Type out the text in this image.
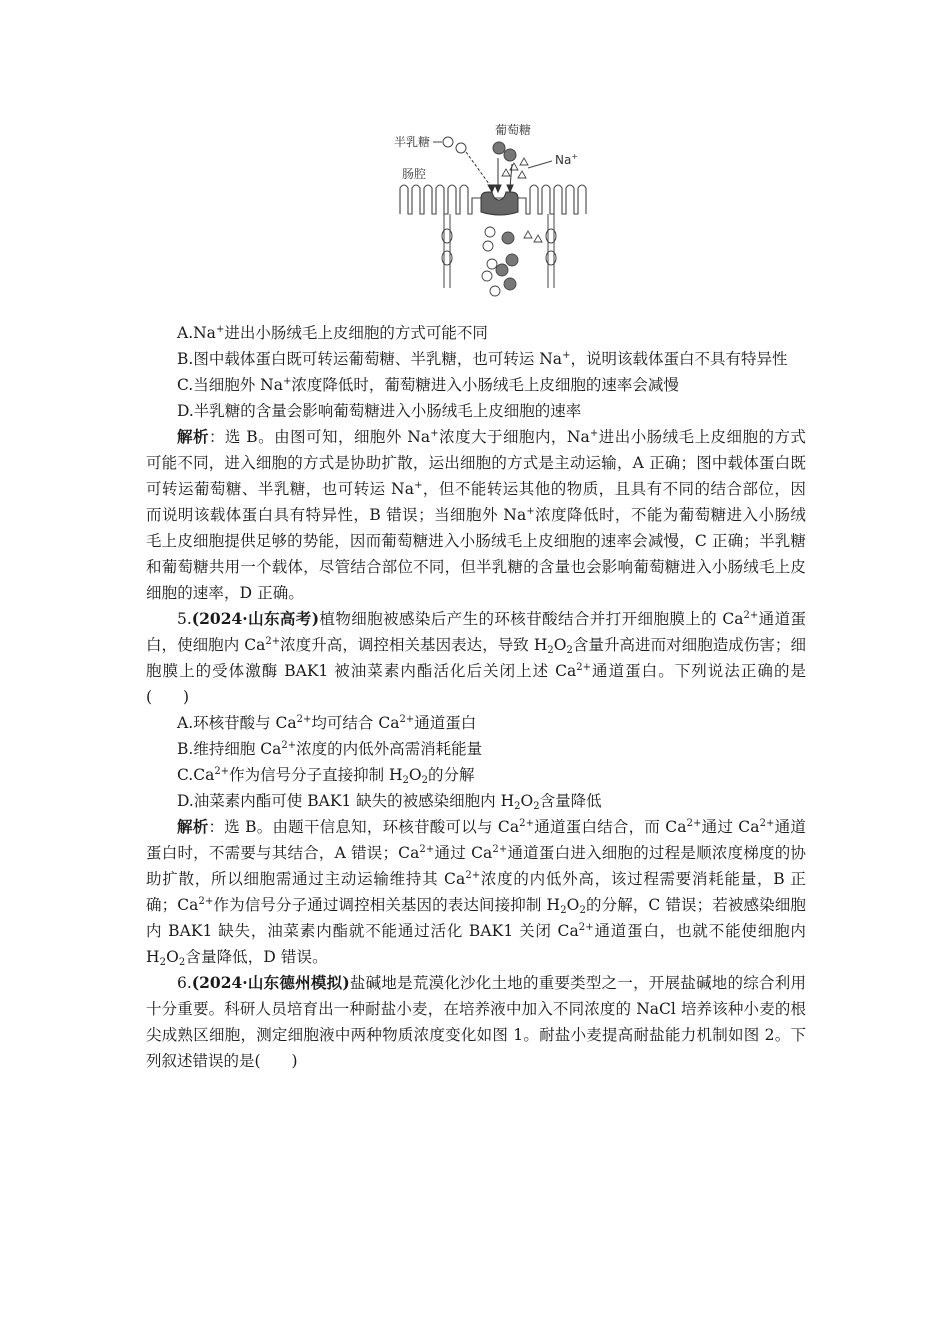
半乳糖
葡萄糖
肠腔
Na+

A.Na+进出小肠绒毛上皮细胞的方式可能不同

B.图中载体蛋白既可转运葡萄糖、半乳糖，也可转运 Na+，说明该载体蛋白不具有特异性

C.当细胞外 Na+浓度降低时，葡萄糖进入小肠绒毛上皮细胞的速率会减慢

D.半乳糖的含量会影响葡萄糖进入小肠绒毛上皮细胞的速率

解析：选 B。由图可知，细胞外 Na+浓度大于细胞内，Na+进出小肠绒毛上皮细胞的方式可能不同，进入细胞的方式是协助扩散，运出细胞的方式是主动运输，A 正确；图中载体蛋白既可转运葡萄糖、半乳糖，也可转运 Na+，但不能转运其他的物质，且具有不同的结合部位，因而说明该载体蛋白具有特异性，B 错误；当细胞外 Na+浓度降低时，不能为葡萄糖进入小肠绒毛上皮细胞提供足够的势能，因而葡萄糖进入小肠绒毛上皮细胞的速率会减慢，C 正确；半乳糖和葡萄糖共用一个载体，尽管结合部位不同，但半乳糖的含量也会影响葡萄糖进入小肠绒毛上皮细胞的速率，D 正确。

5.(2024·山东高考)植物细胞被感染后产生的环核苷酸结合并打开细胞膜上的 $Ca^{2+}$通道蛋白，使细胞内 $Ca^{2+}$浓度升高，调控相关基因表达，导致 $H_2O_2$含量升高进而对细胞造成伤害；细胞膜上的受体激酶 BAK1 被油菜素内酯活化后关闭上述 $Ca^{2+}$通道蛋白。下列说法正确的是(　　)

A.环核苷酸与 $Ca^{2+}$均可结合 $Ca^{2+}$通道蛋白

B.维持细胞 $Ca^{2+}$浓度的内低外高需消耗能量

$C.Ca^{2+}$作为信号分子直接抑制 $H_2O_2$的分解

D.油菜素内酯可使 BAK1 缺失的被感染细胞内 $H_2O_2$含量降低

解析：选 B。由题干信息知，环核苷酸可以与 $Ca^{2+}$通道蛋白结合，而 $Ca^{2+}$通过 $Ca^{2+}$通道蛋白时，不需要与其结合，A 错误；$Ca^{2+}$通过 $Ca^{2+}$通道蛋白进入细胞的过程是顺浓度梯度的协助扩散，所以细胞需通过主动运输维持其 $Ca^{2+}$浓度的内低外高，该过程需要消耗能量，B 正确；$Ca^{2+}$作为信号分子通过调控相关基因的表达间接抑制 $H_2O_2$的分解，C 错误；若被感染细胞内 BAK1 缺失，油菜素内酯就不能通过活化 BAK1 关闭 $Ca^{2+}$通道蛋白，也就不能使细胞内 $H_2O_2$含量降低，D 错误。

6.(2024·山东德州模拟)盐碱地是荒漠化沙化土地的重要类型之一，开展盐碱地的综合利用十分重要。科研人员培育出一种耐盐小麦，在培养液中加入不同浓度的 NaCl 培养该种小麦的根尖成熟区细胞，测定细胞液中两种物质浓度变化如图 1。耐盐小麦提高耐盐能力机制如图 2。下列叙述错误的是(　　)
